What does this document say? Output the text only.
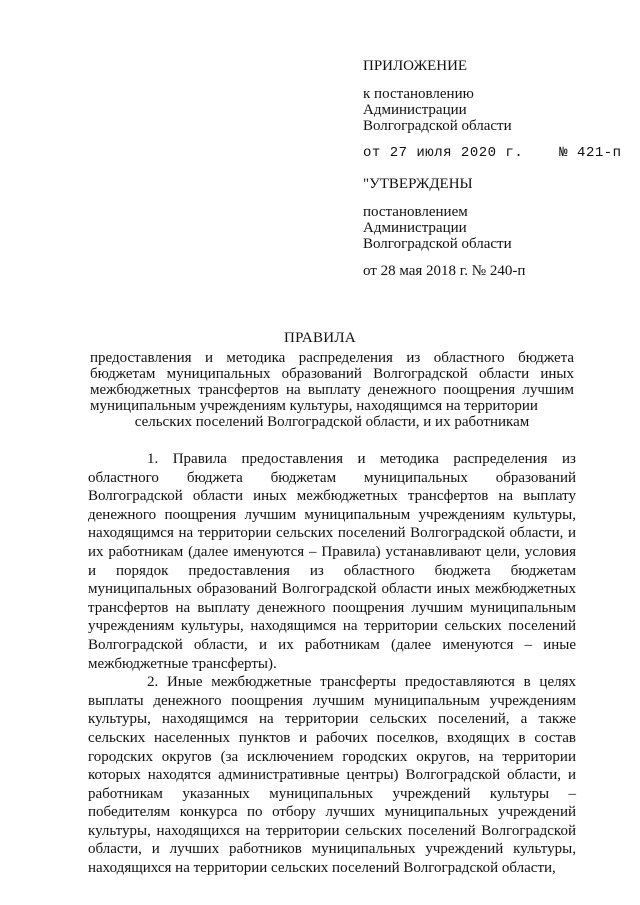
ПРИЛОЖЕНИЕ
к постановлению
Администрации
Волгоградской области
от 27 июля 2020 г.	№ 421-п
"УТВЕРЖДЕНЫ
постановлением
Администрации
Волгоградской области
от 28 мая 2018 г. № 240-п
ПРАВИЛА
предоставления и методика распределения из областного бюджета бюджетам муниципальных образований Волгоградской области иных межбюджетных трансфертов на выплату денежного поощрения лучшим муниципальным учреждениям культуры, находящимся на территории
сельских поселений Волгоградской области, и их работникам

1. Правила предоставления и методика распределения из областного бюджета бюджетам муниципальных образований Волгоградской области иных межбюджетных трансфертов на выплату денежного поощрения лучшим муниципальным учреждениям культуры, находящимся на территории сельских поселений Волгоградской области, и их работникам (далее именуются – Правила) устанавливают цели, условия и порядок предоставления из областного бюджета бюджетам муниципальных образований Волгоградской области иных межбюджетных трансфертов на выплату денежного поощрения лучшим муниципальным учреждениям культуры, находящимся на территории сельских поселений Волгоградской области, и их работникам (далее именуются – иные межбюджетные трансферты).

2. Иные межбюджетные трансферты предоставляются в целях выплаты денежного поощрения лучшим муниципальным учреждениям культуры, находящимся на территории сельских поселений, а также сельских населенных пунктов и рабочих поселков, входящих в состав городских округов (за исключением городских округов, на территории которых находятся административные центры) Волгоградской области, и работникам указанных муниципальных учреждений культуры – победителям конкурса по отбору лучших муниципальных учреждений культуры, находящихся на территории сельских поселений Волгоградской области, и лучших работников муниципальных учреждений культуры, находящихся на территории сельских поселений Волгоградской области,
